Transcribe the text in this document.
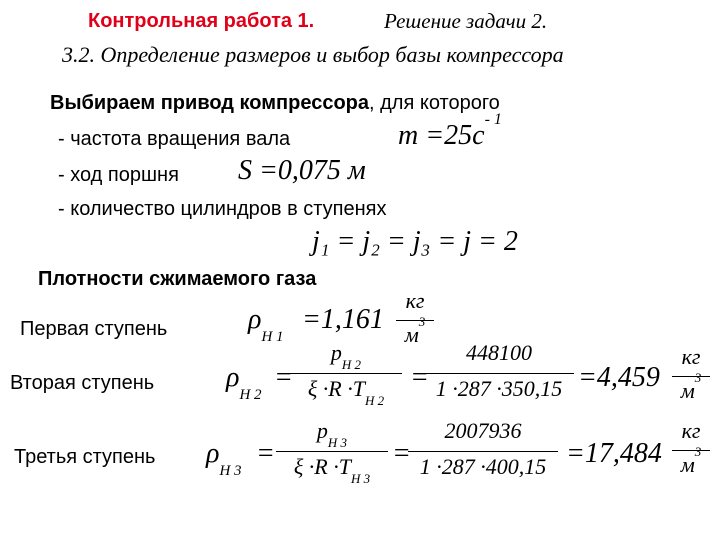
Контрольная работа 1.	Решение задачи 2.
3.2. Определение размеров и выбор базы компрессора
Выбираем привод компрессора, для которого
- частота вращения вала
- ход поршня
- количество цилиндров в ступенях
$m =25c^{- 1}$
S =0,075 м
j₁ = j₂ = j₃ = j = 2
Плотности сжимаемого газа
Первая ступень	$\rho_{Н 1}$
=1,161
кг
$м^3$
Вторая ступень	$\rho_{Н 2}$
=
$р_{Н 2}$
$\xi \cdot R \cdot T_{Н 2}$
=
448100
1 ·287 ·350,15 =4,459
кг
$м^3$
Третья ступень $\rho_{Н 3}$
=
$р_{Н 3}$
$\xi \cdot R \cdot T_{Н 3}$
=
2007936
1 ·287 ·400,15 =17,484
кг
$м^3$
